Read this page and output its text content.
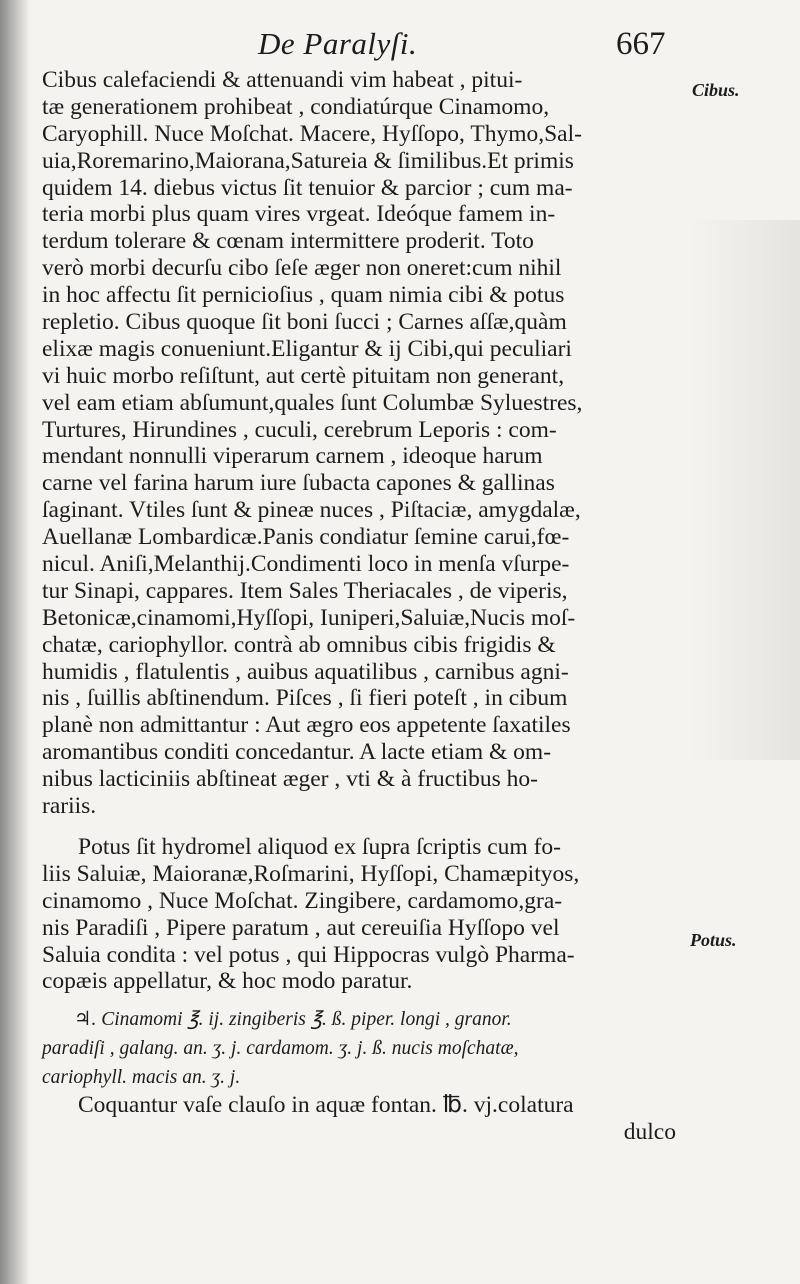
De Paralyſi.	667
Cibus.
Potus.
Cibus calefaciendi & attenuandi vim habeat , pitui-
tæ generationem prohibeat , condiatúrque Cinamomo,
Caryophill. Nuce Moſchat. Macere, Hyſſopo, Thymo,Sal-
uia,Roremarino,Maiorana,Satureia & ſimilibus.Et primis
quidem 14. diebus victus ſit tenuior & parcior ; cum ma-
teria morbi plus quam vires vrgeat. Ideóque famem in-
terdum tolerare & cœnam intermittere proderit. Toto
verò morbi decurſu cibo ſeſe æger non oneret:cum nihil
in hoc affectu ſit pernicioſius , quam nimia cibi & potus
repletio. Cibus quoque ſit boni ſucci ; Carnes aſſæ,quàm
elixæ magis conueniunt.Eligantur & ij Cibi,qui peculiari
vi huic morbo reſiſtunt, aut certè pituitam non generant,
vel eam etiam abſumunt,quales ſunt Columbæ Syluestres,
Turtures, Hirundines , cuculi, cerebrum Leporis : com-
mendant nonnulli viperarum carnem , ideoque harum
carne vel farina harum iure ſubacta capones & gallinas
ſaginant. Vtiles ſunt & pineæ nuces , Piſtaciæ, amygdalæ,
Auellanæ Lombardicæ.Panis condiatur ſemine carui,fœ-
nicul. Aniſi,Melanthij.Condimenti loco in menſa vſurpe-
tur Sinapi, cappares. Item Sales Theriacales , de viperis,
Betonicæ,cinamomi,Hyſſopi, Iuniperi,Saluiæ,Nucis moſ-
chatæ, cariophyllor. contrà ab omnibus cibis frigidis &
humidis , flatulentis , auibus aquatilibus , carnibus agni-
nis , ſuillis abſtinendum. Piſces , ſi fieri poteſt , in cibum
planè non admittantur : Aut ægro eos appetente ſaxatiles
aromantibus conditi concedantur. A lacte etiam & om-
nibus lacticiniis abſtineat æger , vti & à fructibus ho-
rariis.
Potus ſit hydromel aliquod ex ſupra ſcriptis cum fo-
liis Saluiæ, Maioranæ,Roſmarini, Hyſſopi, Chamæpityos,
cinamomo , Nuce Moſchat. Zingibere, cardamomo,gra-
nis Paradiſi , Pipere paratum , aut cereuiſia Hyſſopo vel
Saluia condita : vel potus , qui Hippocras vulgò Pharma-
copæis appellatur, & hoc modo paratur.
♃. Cinamomi ℥. ij. zingiberis ℥. ß. piper. longi , granor.
paradiſi , galang. an. ʒ. j. cardamom. ʒ. j. ß. nucis moſchatæ,
cariophyll. macis an. ʒ. j.
Coquantur vaſe clauſo in aquæ fontan. ℔. vj.colatura
dulco
